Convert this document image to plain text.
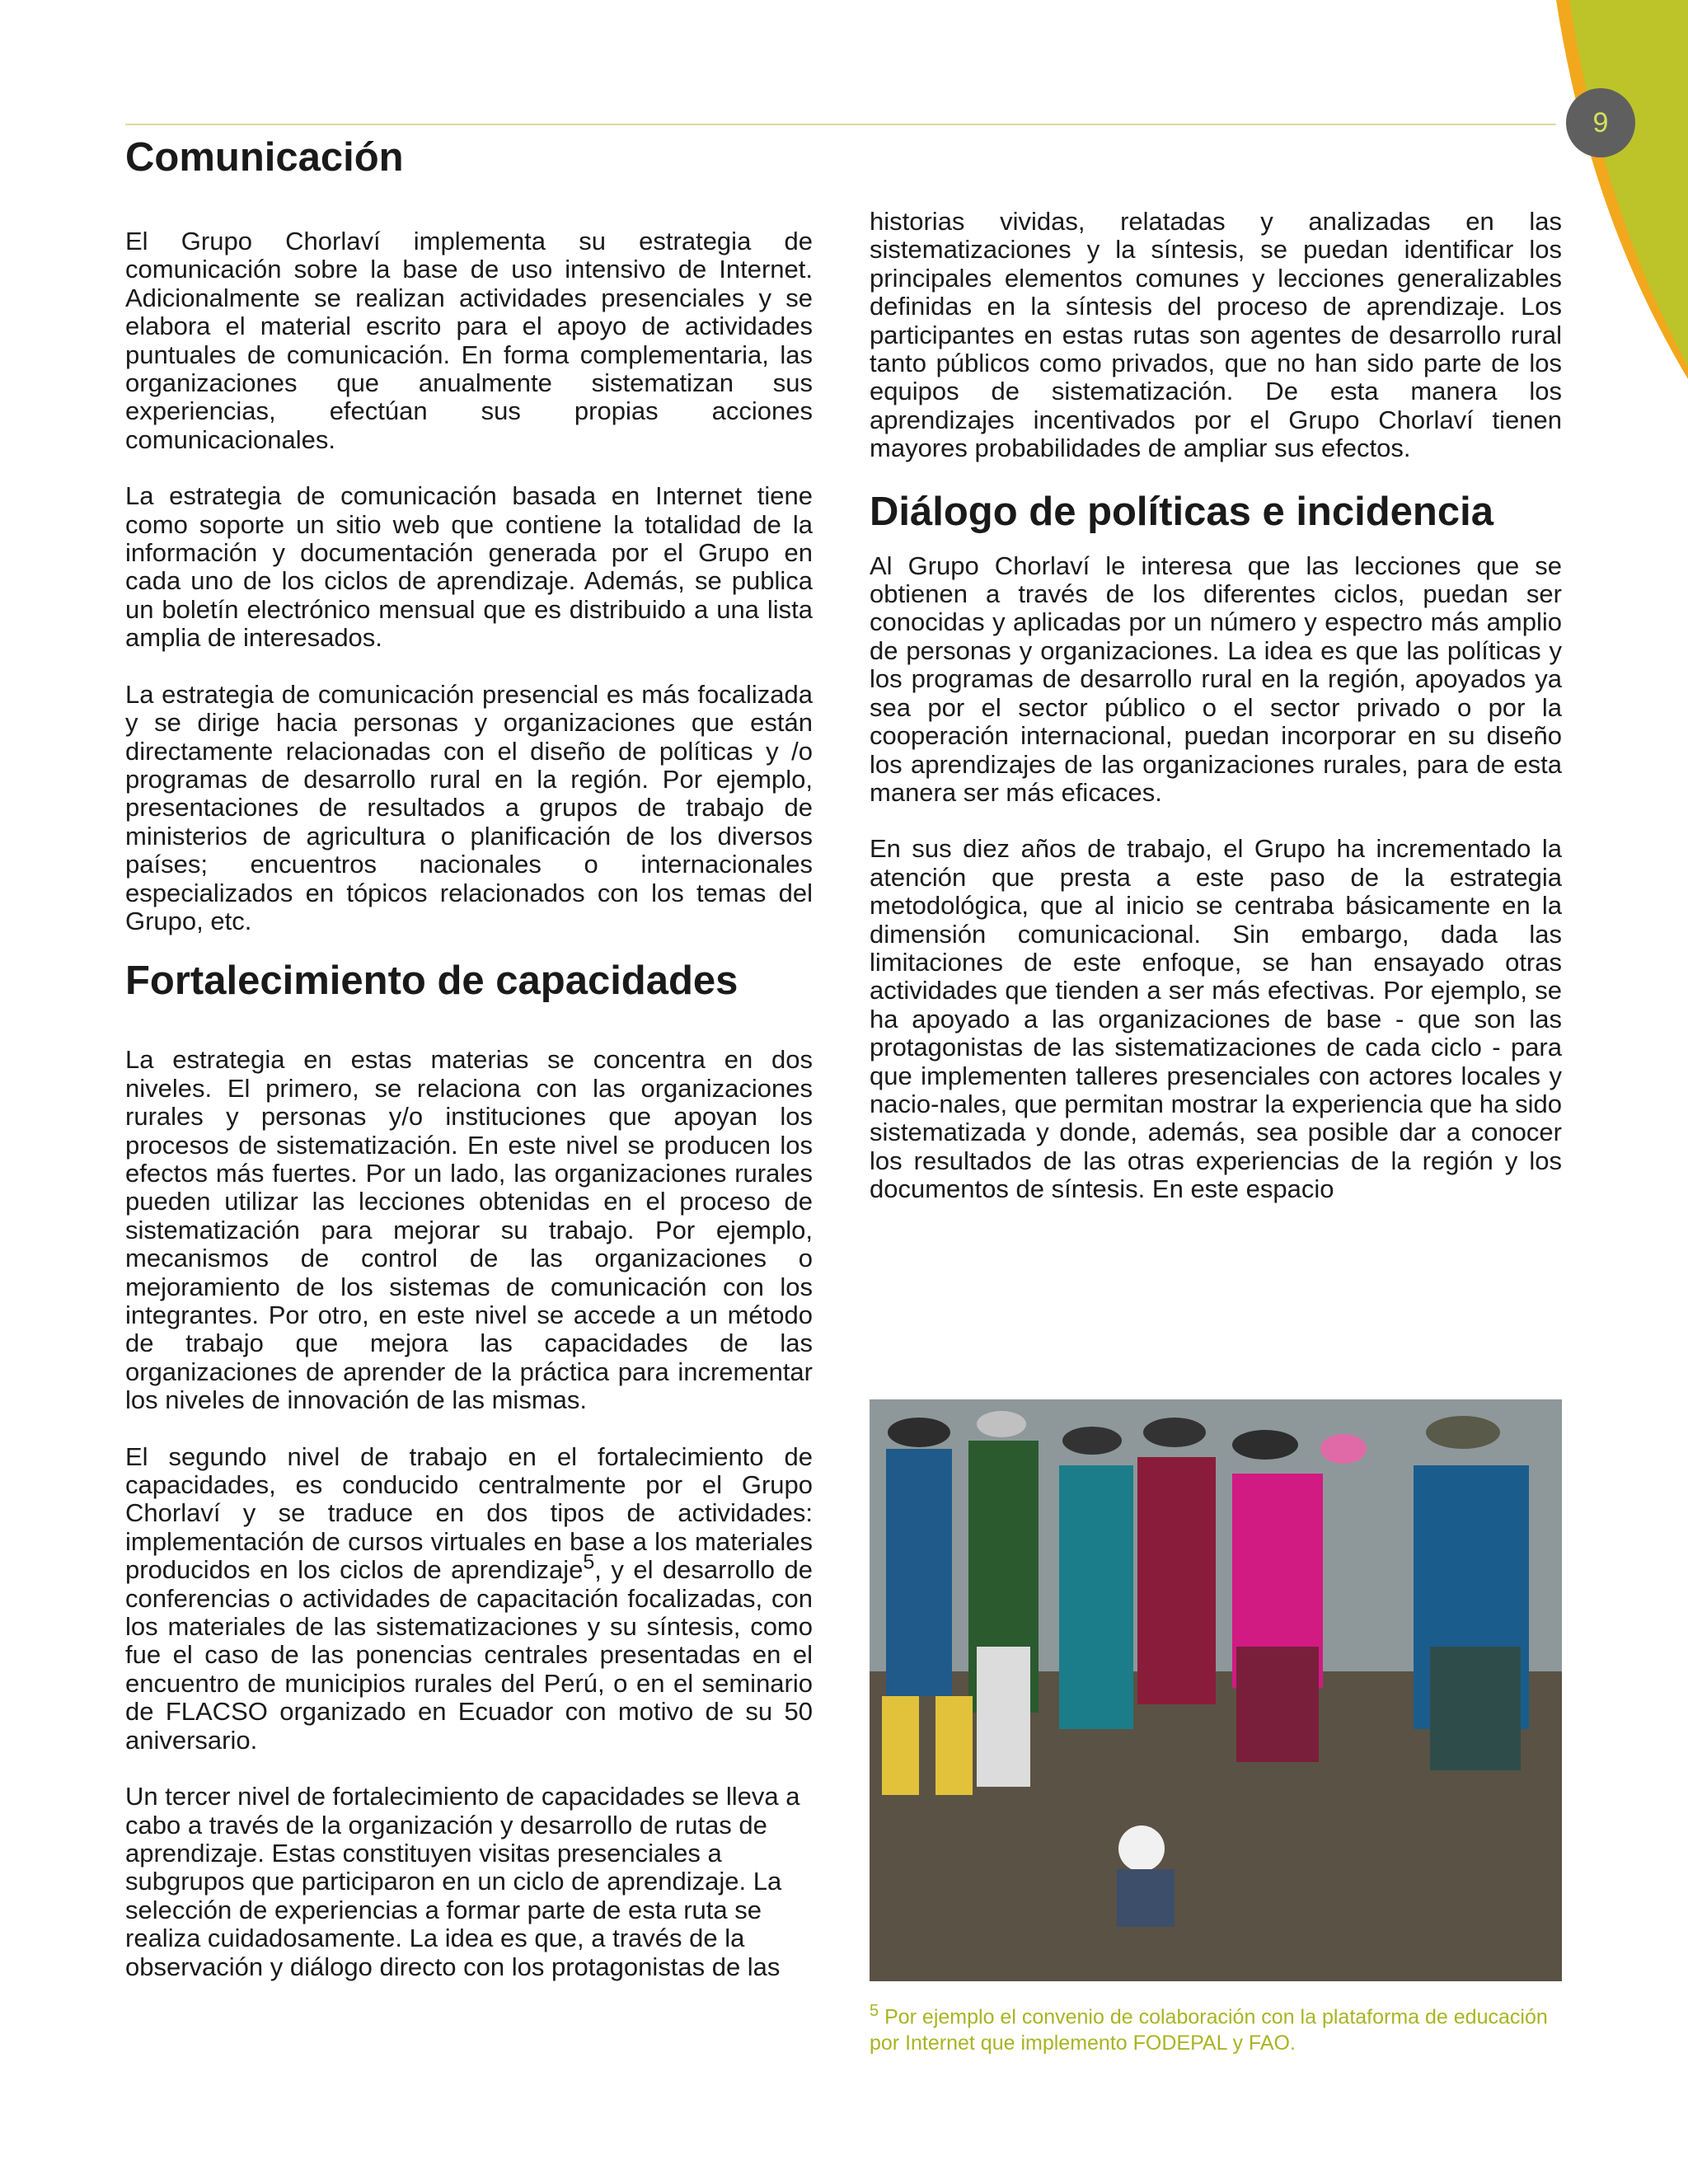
9
Comunicación

El Grupo Chorlaví implementa su estrategia de comunicación sobre la base de uso intensivo de Internet. Adicionalmente se realizan actividades presenciales y se elabora el material escrito para el apoyo de actividades puntuales de comunicación. En forma complementaria, las organizaciones que anualmente sistematizan sus experiencias, efectúan sus propias acciones comunicacionales.

La estrategia de comunicación basada en Internet tiene como soporte un sitio web que contiene la totalidad de la información y documentación generada por el Grupo en cada uno de los ciclos de aprendizaje. Además, se publica un boletín electrónico mensual que es distribuido a una lista amplia de interesados.

La estrategia de comunicación presencial es más focalizada y se dirige hacia personas y organizaciones que están directamente relacionadas con el diseño de políticas y /o programas de desarrollo rural en la región. Por ejemplo, presentaciones de resultados a grupos de trabajo de ministerios de agricultura o planificación de los diversos países; encuentros nacionales o internacionales especializados en tópicos relacionados con los temas del Grupo, etc.

Fortalecimiento de capacidades

La estrategia en estas materias se concentra en dos niveles. El primero, se relaciona con las organizaciones rurales y personas y/o instituciones que apoyan los procesos de sistematización. En este nivel se producen los efectos más fuertes. Por un lado, las organizaciones rurales pueden utilizar las lecciones obtenidas en el proceso de sistematización para mejorar su trabajo. Por ejemplo, mecanismos de control de las organizaciones o mejoramiento de los sistemas de comunicación con los integrantes. Por otro, en este nivel se accede a un método de trabajo que mejora las capacidades de las organizaciones de aprender de la práctica para incrementar los niveles de innovación de las mismas.

El segundo nivel de trabajo en el fortalecimiento de capacidades, es conducido centralmente por el Grupo Chorlaví y se traduce en dos tipos de actividades: implementación de cursos virtuales en base a los materiales producidos en los ciclos de aprendizaje$^5$, y el desarrollo de conferencias o actividades de capacitación focalizadas, con los materiales de las sistematizaciones y su síntesis, como fue el caso de las ponencias centrales presentadas en el encuentro de municipios rurales del Perú, o en el seminario de FLACSO organizado en Ecuador con motivo de su 50 aniversario.

Un tercer nivel de fortalecimiento de capacidades se lleva a cabo a través de la organización y desarrollo de rutas de aprendizaje. Estas constituyen visitas presenciales a subgrupos que participaron en un ciclo de aprendizaje. La selección de experiencias a formar parte de esta ruta se realiza cuidadosamente. La idea es que, a través de la observación y diálogo directo con los protagonistas de las

historias vividas, relatadas y analizadas en las sistematizaciones y la síntesis, se puedan identificar los principales elementos comunes y lecciones generalizables definidas en la síntesis del proceso de aprendizaje. Los participantes en estas rutas son agentes de desarrollo rural tanto públicos como privados, que no han sido parte de los equipos de sistematización. De esta manera los aprendizajes incentivados por el Grupo Chorlaví tienen mayores probabilidades de ampliar sus efectos.

Diálogo de políticas e incidencia

Al Grupo Chorlaví le interesa que las lecciones que se obtienen a través de los diferentes ciclos, puedan ser conocidas y aplicadas por un número y espectro más amplio de personas y organizaciones. La idea es que las políticas y los programas de desarrollo rural en la región, apoyados ya sea por el sector público o el sector privado o por la cooperación internacional, puedan incorporar en su diseño los aprendizajes de las organizaciones rurales, para de esta manera ser más eficaces.

En sus diez años de trabajo, el Grupo ha incrementado la atención que presta a este paso de la estrategia metodológica, que al inicio se centraba básicamente en la dimensión comunicacional. Sin embargo, dada las limitaciones de este enfoque, se han ensayado otras actividades que tienden a ser más efectivas. Por ejemplo, se ha apoyado a las organizaciones de base - que son las protagonistas de las sistematizaciones de cada ciclo - para que implementen talleres presenciales con actores locales y nacio-nales, que permitan mostrar la experiencia que ha sido sistematizada y donde, además, sea posible dar a conocer los resultados de las otras experiencias de la región y los documentos de síntesis. En este espacio

$^5$ Por ejemplo el convenio de colaboración con la plataforma de educación por Internet que implemento FODEPAL y FAO.
